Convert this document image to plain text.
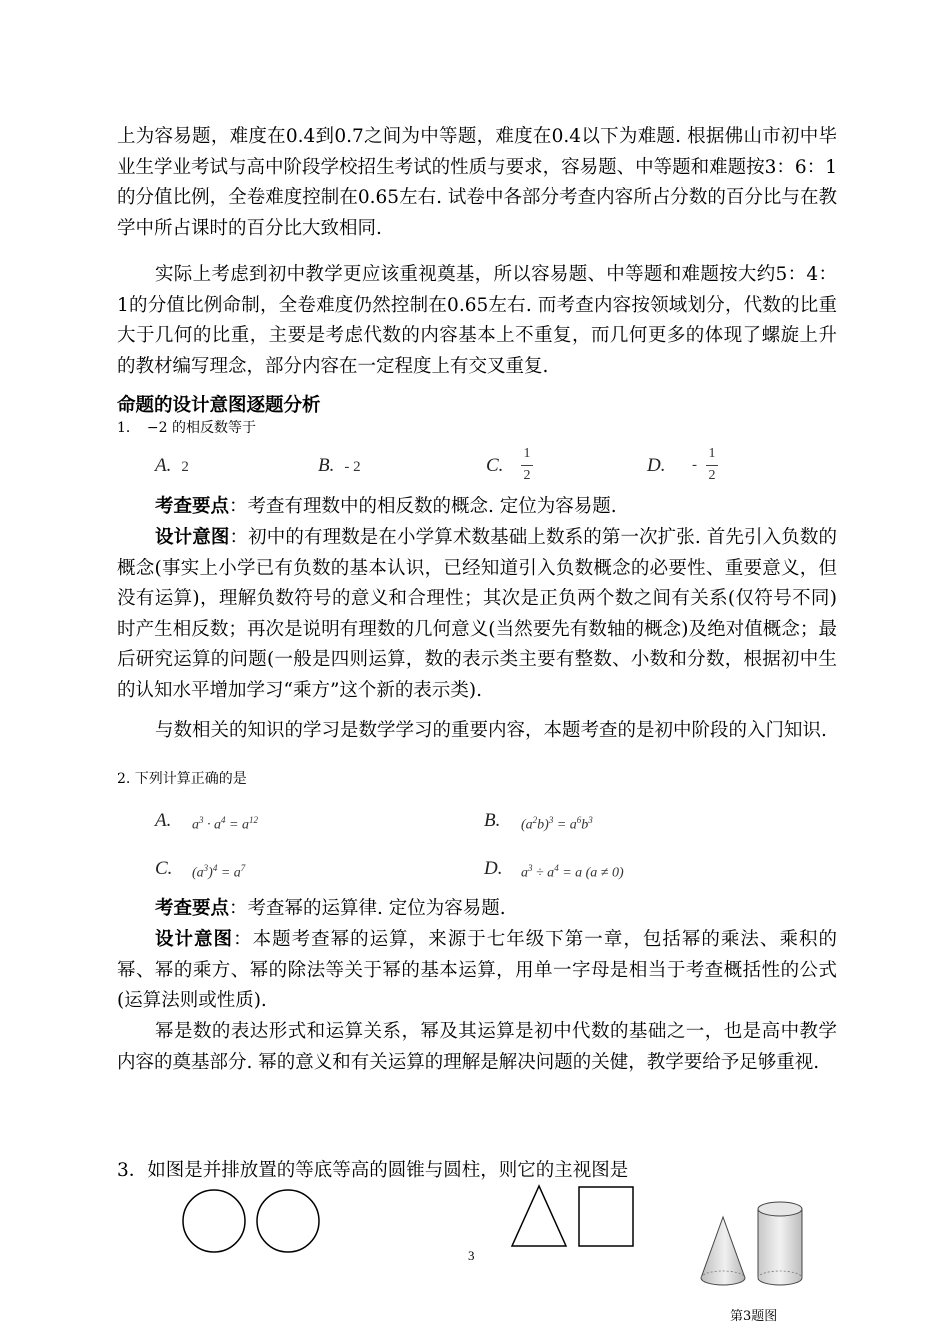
上为容易题，难度在0.4到0.7之间为中等题，难度在0.4以下为难题. 根据佛山市初中毕业生学业考试与高中阶段学校招生考试的性质与要求，容易题、中等题和难题按3：6：1的分值比例，全卷难度控制在0.65左右. 试卷中各部分考查内容所占分数的百分比与在教学中所占课时的百分比大致相同.
实际上考虑到初中教学更应该重视奠基，所以容易题、中等题和难题按大约5：4：1的分值比例命制，全卷难度仍然控制在0.65左右. 而考查内容按领域划分，代数的比重大于几何的比重，主要是考虑代数的内容基本上不重复，而几何更多的体现了螺旋上升的教材编写理念，部分内容在一定程度上有交叉重复.
命题的设计意图逐题分析
1．　−2 的相反数等于
A. 2	B. - 2	C.
1
2	D.	-
1
2
考查要点：考查有理数中的相反数的概念. 定位为容易题.
设计意图：初中的有理数是在小学算术数基础上数系的第一次扩张. 首先引入负数的概念(事实上小学已有负数的基本认识，已经知道引入负数概念的必要性、重要意义，但没有运算)，理解负数符号的意义和合理性；其次是正负两个数之间有关系(仅符号不同)时产生相反数；再次是说明有理数的几何意义(当然要先有数轴的概念)及绝对值概念；最后研究运算的问题(一般是四则运算，数的表示类主要有整数、小数和分数，根据初中生的认知水平增加学习“乘方”这个新的表示类).
与数相关的知识的学习是数学学习的重要内容，本题考查的是初中阶段的入门知识.
2. 下列计算正确的是
A.	$a^3 \cdot a^4 = a^{12}$	B.	$(a^2b)^3 = a^6b^3$
C.	$(a^3)^4 = a^7$	D.	$a^3 \div a^4 = a$ (a ≠ 0)
考查要点：考查幂的运算律. 定位为容易题.
设计意图：本题考查幂的运算，来源于七年级下第一章，包括幂的乘法、乘积的幂、幂的乘方、幂的除法等关于幂的基本运算，用单一字母是相当于考查概括性的公式(运算法则或性质).
幂是数的表达形式和运算关系，幂及其运算是初中代数的基础之一，也是高中教学内容的奠基部分. 幂的意义和有关运算的理解是解决问题的关健，教学要给予足够重视.
3．如图是并排放置的等底等高的圆锥与圆柱，则它的主视图是
第3题图
3
